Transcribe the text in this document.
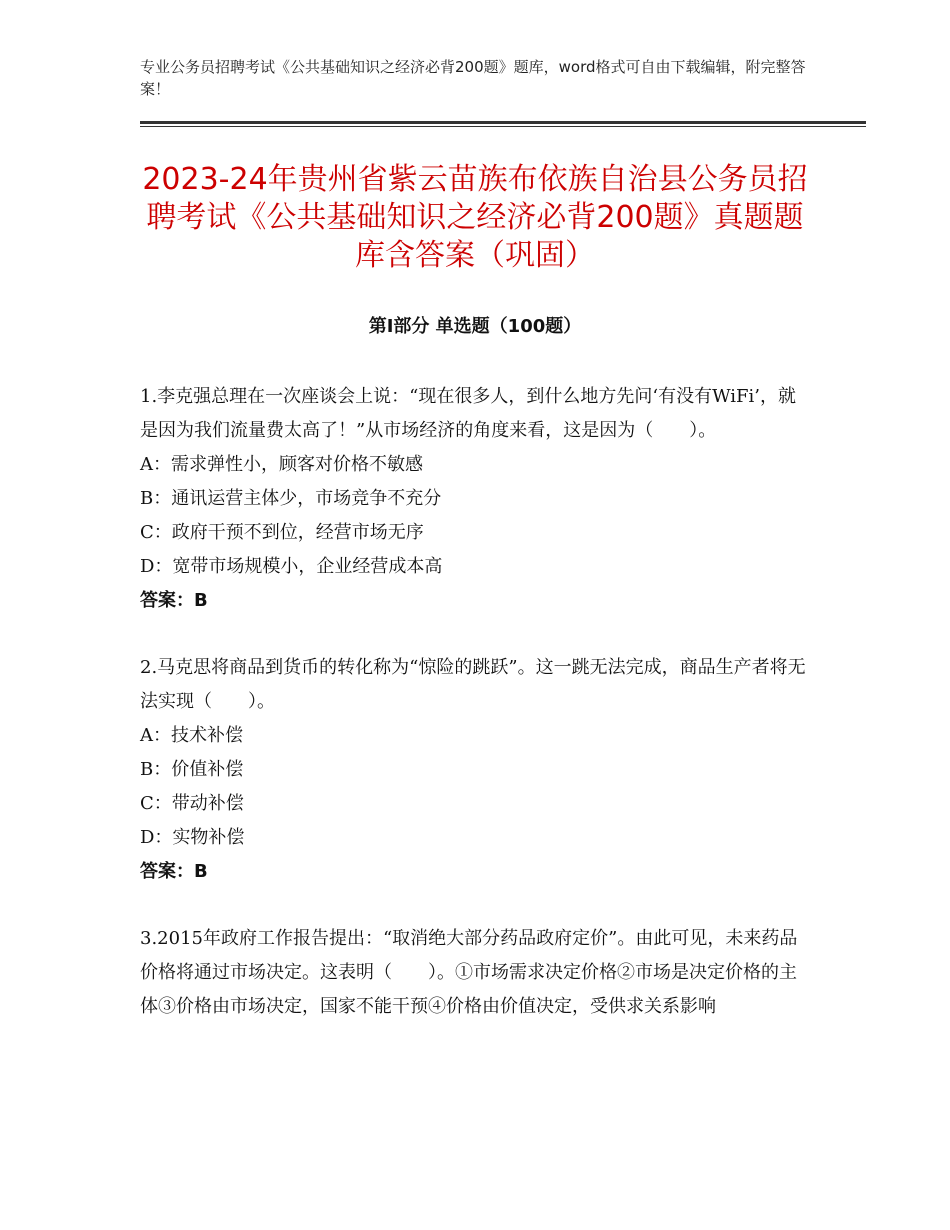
专业公务员招聘考试《公共基础知识之经济必背200题》题库，word格式可自由下载编辑，附完整答案！
2023-24年贵州省紫云苗族布依族自治县公务员招聘考试《公共基础知识之经济必背200题》真题题库含答案（巩固）
第Ⅰ部分 单选题（100题）

1.李克强总理在一次座谈会上说：“现在很多人，到什么地方先问‘有没有WiFi’，就是因为我们流量费太高了！”从市场经济的角度来看，这是因为（　　）。

A：需求弹性小，顾客对价格不敏感

B：通讯运营主体少，市场竞争不充分

C：政府干预不到位，经营市场无序

D：宽带市场规模小，企业经营成本高

答案：B

2.马克思将商品到货币的转化称为“惊险的跳跃”。这一跳无法完成，商品生产者将无法实现（　　）。

A：技术补偿

B：价值补偿

C：带动补偿

D：实物补偿

答案：B

3.2015年政府工作报告提出：“取消绝大部分药品政府定价”。由此可见，未来药品价格将通过市场决定。这表明（　　）。①市场需求决定价格②市场是决定价格的主体③价格由市场决定，国家不能干预④价格由价值决定，受供求关系影响
